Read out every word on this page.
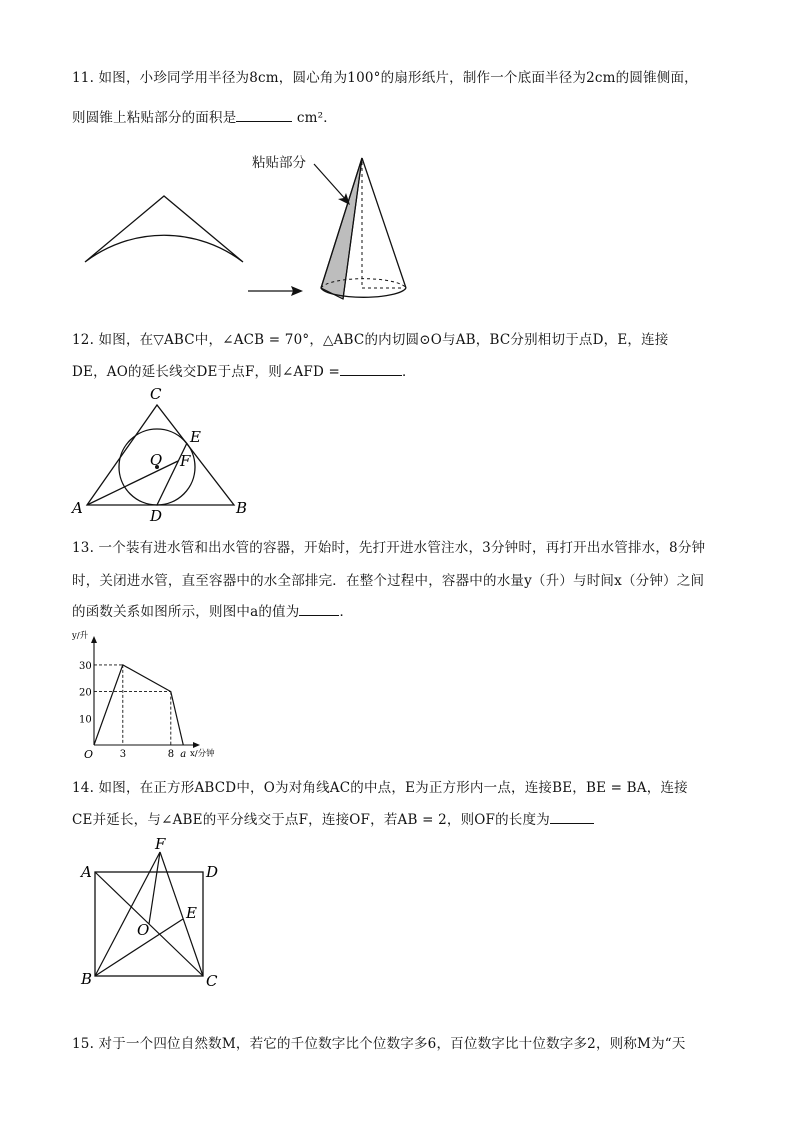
11. 如图，小珍同学用半径为8cm，圆心角为100°的扇形纸片，制作一个底面半径为2cm的圆锥侧面，
则圆锥上粘贴部分的面积是	cm²．
粘贴部分
12. 如图，在▽ABC中，∠ACB = 70°，△ABC的内切圆⊙O与AB，BC分别相切于点D，E，连接
DE，AO的延长线交DE于点F，则∠AFD =	．
C
E
O F
A	B
D
13. 一个装有进水管和出水管的容器，开始时，先打开进水管注水，3分钟时，再打开出水管排水，8分钟
时，关闭进水管，直至容器中的水全部排完．在整个过程中，容器中的水量y（升）与时间x（分钟）之间
的函数关系如图所示，则图中a的值为	．
y/升
x/分钟
O
10
20
30
3	8 a
14. 如图，在正方形ABCD中，O为对角线AC的中点，E为正方形内一点，连接BE，BE = BA，连接
CE并延长，与∠ABE的平分线交于点F，连接OF，若AB = 2，则OF的长度为
F
A	D
E
O
B	C
15. 对于一个四位自然数M，若它的千位数字比个位数字多6，百位数字比十位数字多2，则称M为“天
